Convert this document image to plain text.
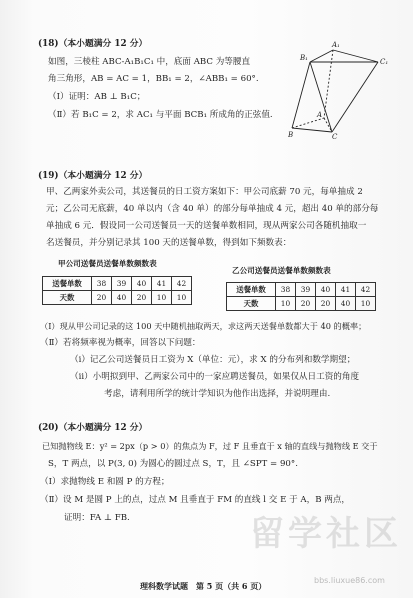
(18)（本小题满分 12 分）
如图，三棱柱 ABC-A₁B₁C₁ 中，底面 ABC 为等腰直
角三角形，AB = AC = 1，BB₁ = 2，∠ABB₁ = 60°.
（Ⅰ）证明：AB ⊥ B₁C；
（Ⅱ）若 B₁C = 2，求 AC₁ 与平面 BCB₁ 所成角的正弦值.
A₁
B₁	C₁
A
B	C
(19)（本小题满分 12 分）
甲、乙两家外卖公司，其送餐员的日工资方案如下：甲公司底薪 70 元，每单抽成 2
元；乙公司无底薪，40 单以内（含 40 单）的部分每单抽成 4 元，超出 40 单的部分每
单抽成 6 元．假设同一公司送餐员一天的送餐单数相同，现从两家公司各随机抽取一
名送餐员，并分别记录其 100 天的送餐单数，得到如下频数表：
甲公司送餐员送餐单数频数表
送餐单数	38	39	40	41	42
天数	20	40	20	10	10
乙公司送餐员送餐单数频数表
送餐单数	38	39	40	41	42
天数	10	20	20	40	10
（Ⅰ）现从甲公司记录的这 100 天中随机抽取两天，求这两天送餐单数都大于 40 的概率；
（Ⅱ）若将频率视为概率，回答以下问题：
（ⅰ）记乙公司送餐员日工资为 X（单位：元），求 X 的分布列和数学期望；
（ⅱ）小明拟到甲、乙两家公司中的一家应聘送餐员，如果仅从日工资的角度
考虑，请利用所学的统计学知识为他作出选择，并说明理由.
(20)（本小题满分 12 分）
已知抛物线 E：y² = 2px（p > 0）的焦点为 F，过 F 且垂直于 x 轴的直线与抛物线 E 交于
S，T 两点，以 P(3, 0) 为圆心的圆过点 S，T，且 ∠SPT = 90°.
（Ⅰ）求抛物线 E 和圆 P 的方程；
（Ⅱ）设 M 是圆 P 上的点，过点 M 且垂直于 FM 的直线 l 交 E 于 A，B 两点，
证明：FA ⊥ FB.
理科数学试题　第 5 页（共 6 页）
留学社区
bbs.liuxue86.com
